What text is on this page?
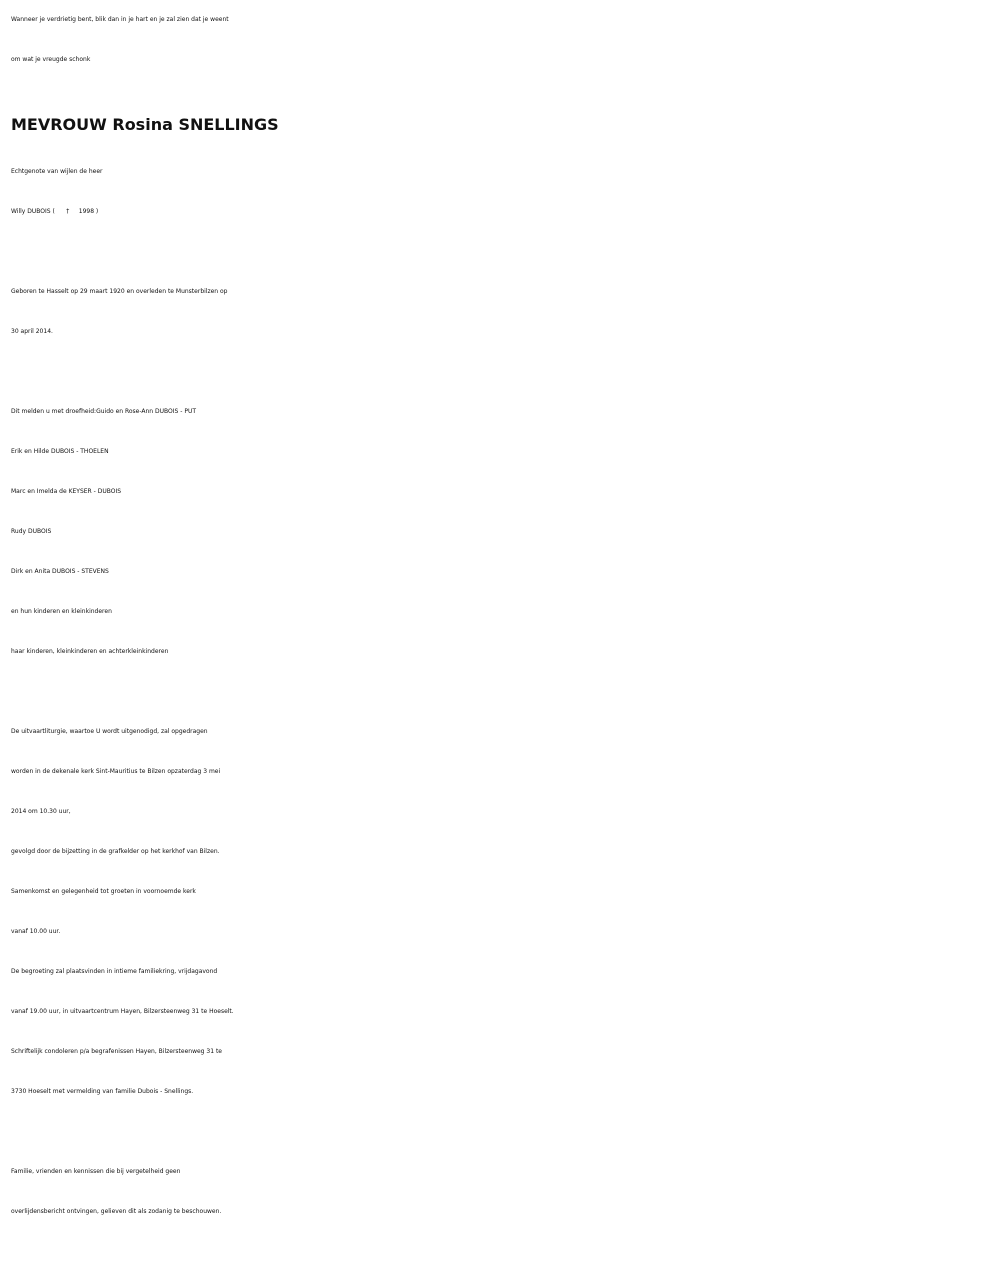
Wanneer je verdrietig bent, blik dan in je hart en je zal zien dat je weent
om wat je vreugde schonk
MEVROUW Rosina SNELLINGS
Echtgenote van wijlen de heer
Willy DUBOIS ( † 1998 )
Geboren te Hasselt op 29 maart 1920 en overleden te Munsterbilzen op
30 april 2014.
Dit melden u met droefheid:Guido en Rose-Ann DUBOIS - PUT
Erik en Hilde DUBOIS - THOELEN
Marc en Imelda de KEYSER - DUBOIS
Rudy DUBOIS
Dirk en Anita DUBOIS - STEVENS
en hun kinderen en kleinkinderen
haar kinderen, kleinkinderen en achterkleinkinderen
De uitvaartliturgie, waartoe U wordt uitgenodigd, zal opgedragen
worden in de dekenale kerk Sint-Mauritius te Bilzen opzaterdag 3 mei
2014 om 10.30 uur,
gevolgd door de bijzetting in de grafkelder op het kerkhof van Bilzen.
Samenkomst en gelegenheid tot groeten in voornoemde kerk
vanaf 10.00 uur.
De begroeting zal plaatsvinden in intieme familiekring, vrijdagavond
vanaf 19.00 uur, in uitvaartcentrum Hayen, Bilzersteenweg 31 te Hoeselt.
Schriftelijk condoleren p/a begrafenissen Hayen, Bilzersteenweg 31 te
3730 Hoeselt met vermelding van familie Dubois - Snellings.
Familie, vrienden en kennissen die bij vergetelheid geen
overlijdensbericht ontvingen, gelieven dit als zodanig te beschouwen.
